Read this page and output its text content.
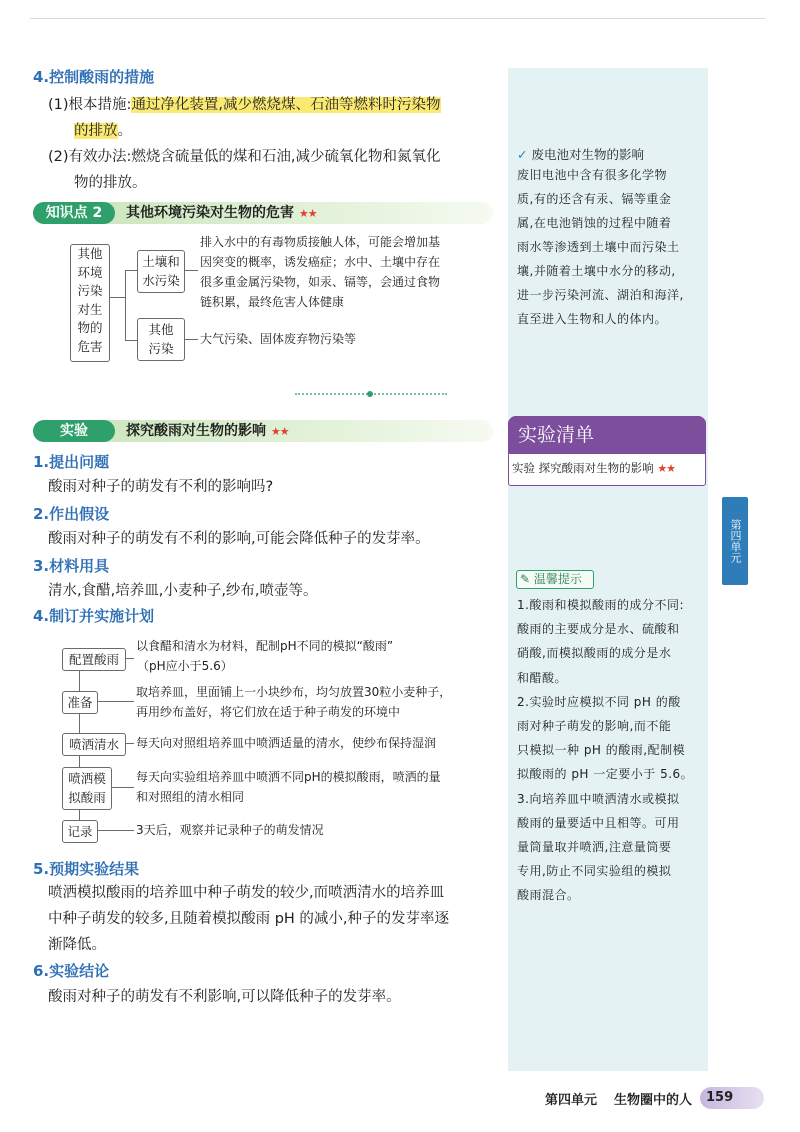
4.控制酸雨的措施
(1)根本措施:通过净化装置,减少燃烧煤、石油等燃料时污染物
的排放。
(2)有效办法:燃烧含硫量低的煤和石油,减少硫氧化物和氮氧化
物的排放。
知识点 2	其他环境污染对生物的危害 ★★
其他
环境
污染
对生
物的
危害
土壤和
水污染
排入水中的有毒物质接触人体，可能会增加基
因突变的概率，诱发癌症；水中、土壤中存在
很多重金属污染物，如汞、镉等，会通过食物
链积累，最终危害人体健康
其他
污染
大气污染、固体废弃物污染等
实验	探究酸雨对生物的影响 ★★
1.提出问题
酸雨对种子的萌发有不利的影响吗?
2.作出假设
酸雨对种子的萌发有不利的影响,可能会降低种子的发芽率。
3.材料用具
清水,食醋,培养皿,小麦种子,纱布,喷壶等。
4.制订并实施计划
配置酸雨
以食醋和清水为材料，配制pH不同的模拟“酸雨”
（pH应小于5.6）
准备
取培养皿，里面铺上一小块纱布，均匀放置30粒小麦种子，
再用纱布盖好，将它们放在适于种子萌发的环境中
喷洒清水	每天向对照组培养皿中喷洒适量的清水，使纱布保持湿润
喷洒模
拟酸雨
每天向实验组培养皿中喷洒不同pH的模拟酸雨，喷洒的量
和对照组的清水相同
记录	3天后，观察并记录种子的萌发情况
5.预期实验结果
喷洒模拟酸雨的培养皿中种子萌发的较少,而喷洒清水的培养皿
中种子萌发的较多,且随着模拟酸雨 pH 的减小,种子的发芽率逐
渐降低。
6.实验结论
酸雨对种子的萌发有不利影响,可以降低种子的发芽率。
✓ 废电池对生物的影响
废旧电池中含有很多化学物
质,有的还含有汞、镉等重金
属,在电池销蚀的过程中随着
雨水等渗透到土壤中而污染土
壤,并随着土壤中水分的移动,
进一步污染河流、湖泊和海洋,
直至进入生物和人的体内。
实验清单
实验 探究酸雨对生物的影响 ★★
✎ 温馨提示
1.酸雨和模拟酸雨的成分不同:
酸雨的主要成分是水、硫酸和
硝酸,而模拟酸雨的成分是水
和醋酸。
2.实验时应模拟不同 pH 的酸
雨对种子萌发的影响,而不能
只模拟一种 pH 的酸雨,配制模
拟酸雨的 pH 一定要小于 5.6。
3.向培养皿中喷洒清水或模拟
酸雨的量要适中且相等。可用
量筒量取并喷洒,注意量筒要
专用,防止不同实验组的模拟
酸雨混合。
第四单元
第四单元 生物圈中的人	159
